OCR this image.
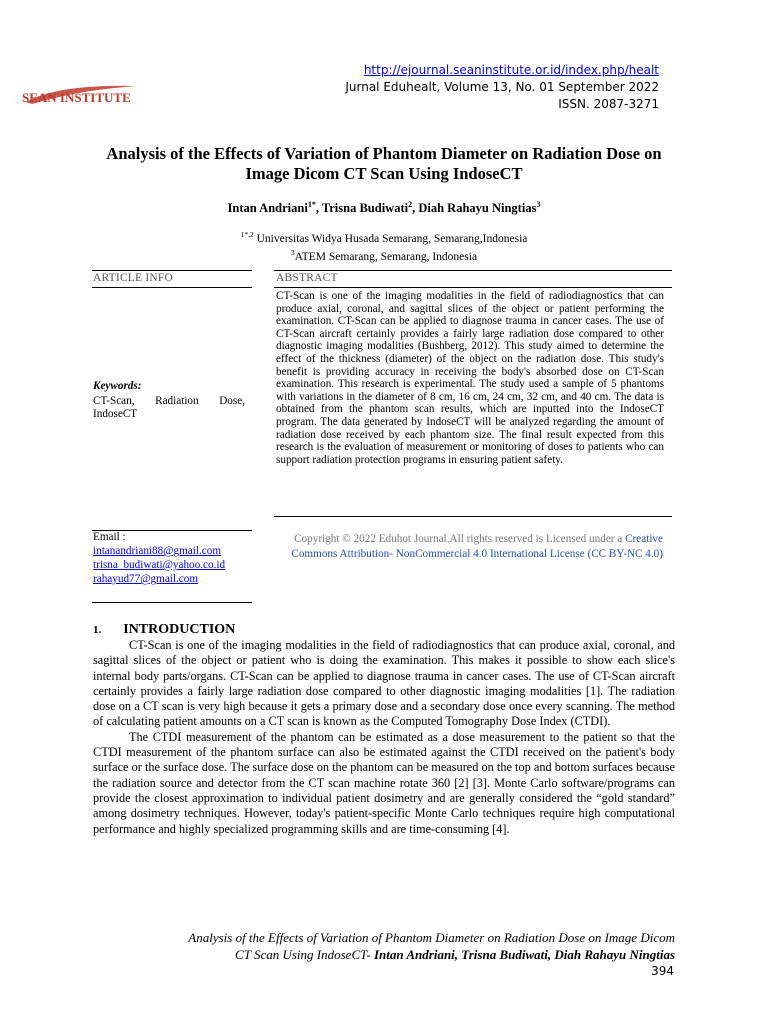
SEAN INSTITUTE
http://ejournal.seaninstitute.or.id/index.php/healt
Jurnal Eduhealt, Volume 13, No. 01 September 2022
ISSN. 2087-3271
Analysis of the Effects of Variation of Phantom Diameter on Radiation Dose on Image Dicom CT Scan Using IndoseCT
Intan Andriani$^{1*}$, Trisna Budiwati$^2$, Diah Rahayu Ningtias$^3$
$^{1*,2}$ Universitas Widya Husada Semarang, Semarang,Indonesia
$^3$ATEM Semarang, Semarang, Indonesia
ARTICLE INFO	ABSTRACT
CT-Scan is one of the imaging modalities in the field of radiodiagnostics that can produce axial, coronal, and sagittal slices of the object or patient performing the examination. CT-Scan can be applied to diagnose trauma in cancer cases. The use of CT-Scan aircraft certainly provides a fairly large radiation dose compared to other diagnostic imaging modalities (Bushberg, 2012). This study aimed to determine the effect of the thickness (diameter) of the object on the radiation dose. This study's benefit is providing accuracy in receiving the body's absorbed dose on CT-Scan examination. This research is experimental. The study used a sample of 5 phantoms with variations in the diameter of 8 cm, 16 cm, 24 cm, 32 cm, and 40 cm. The data is obtained from the phantom scan results, which are inputted into the IndoseCT program. The data generated by IndoseCT will be analyzed regarding the amount of radiation dose received by each phantom size. The final result expected from this research is the evaluation of measurement or monitoring of doses to patients who can support radiation protection programs in ensuring patient safety.
Keywords:
CT-Scan, Radiation Dose, IndoseCT
Email :
intanandriani88@gmail.com
trisna_budiwati@yahoo.co.id
rahayud77@gmail.com
Copyright © 2022 Eduhot Journal.All rights reserved is Licensed under a Creative Commons Attribution- NonCommercial 4.0 International License (CC BY-NC 4.0)
1. INTRODUCTION

CT-Scan is one of the imaging modalities in the field of radiodiagnostics that can produce axial, coronal, and sagittal slices of the object or patient who is doing the examination. This makes it possible to show each slice's internal body parts/organs. CT-Scan can be applied to diagnose trauma in cancer cases. The use of CT-Scan aircraft certainly provides a fairly large radiation dose compared to other diagnostic imaging modalities [1]. The radiation dose on a CT scan is very high because it gets a primary dose and a secondary dose once every scanning. The method of calculating patient amounts on a CT scan is known as the Computed Tomography Dose Index (CTDI).

The CTDI measurement of the phantom can be estimated as a dose measurement to the patient so that the CTDI measurement of the phantom surface can also be estimated against the CTDI received on the patient's body surface or the surface dose. The surface dose on the phantom can be measured on the top and bottom surfaces because the radiation source and detector from the CT scan machine rotate 360 [2] [3]. Monte Carlo software/programs can provide the closest approximation to individual patient dosimetry and are generally considered the “gold standard” among dosimetry techniques. However, today's patient-specific Monte Carlo techniques require high computational performance and highly specialized programming skills and are time-consuming [4].

Analysis of the Effects of Variation of Phantom Diameter on Radiation Dose on Image Dicom
CT Scan Using IndoseCT- Intan Andriani, Trisna Budiwati, Diah Rahayu Ningtias
394
